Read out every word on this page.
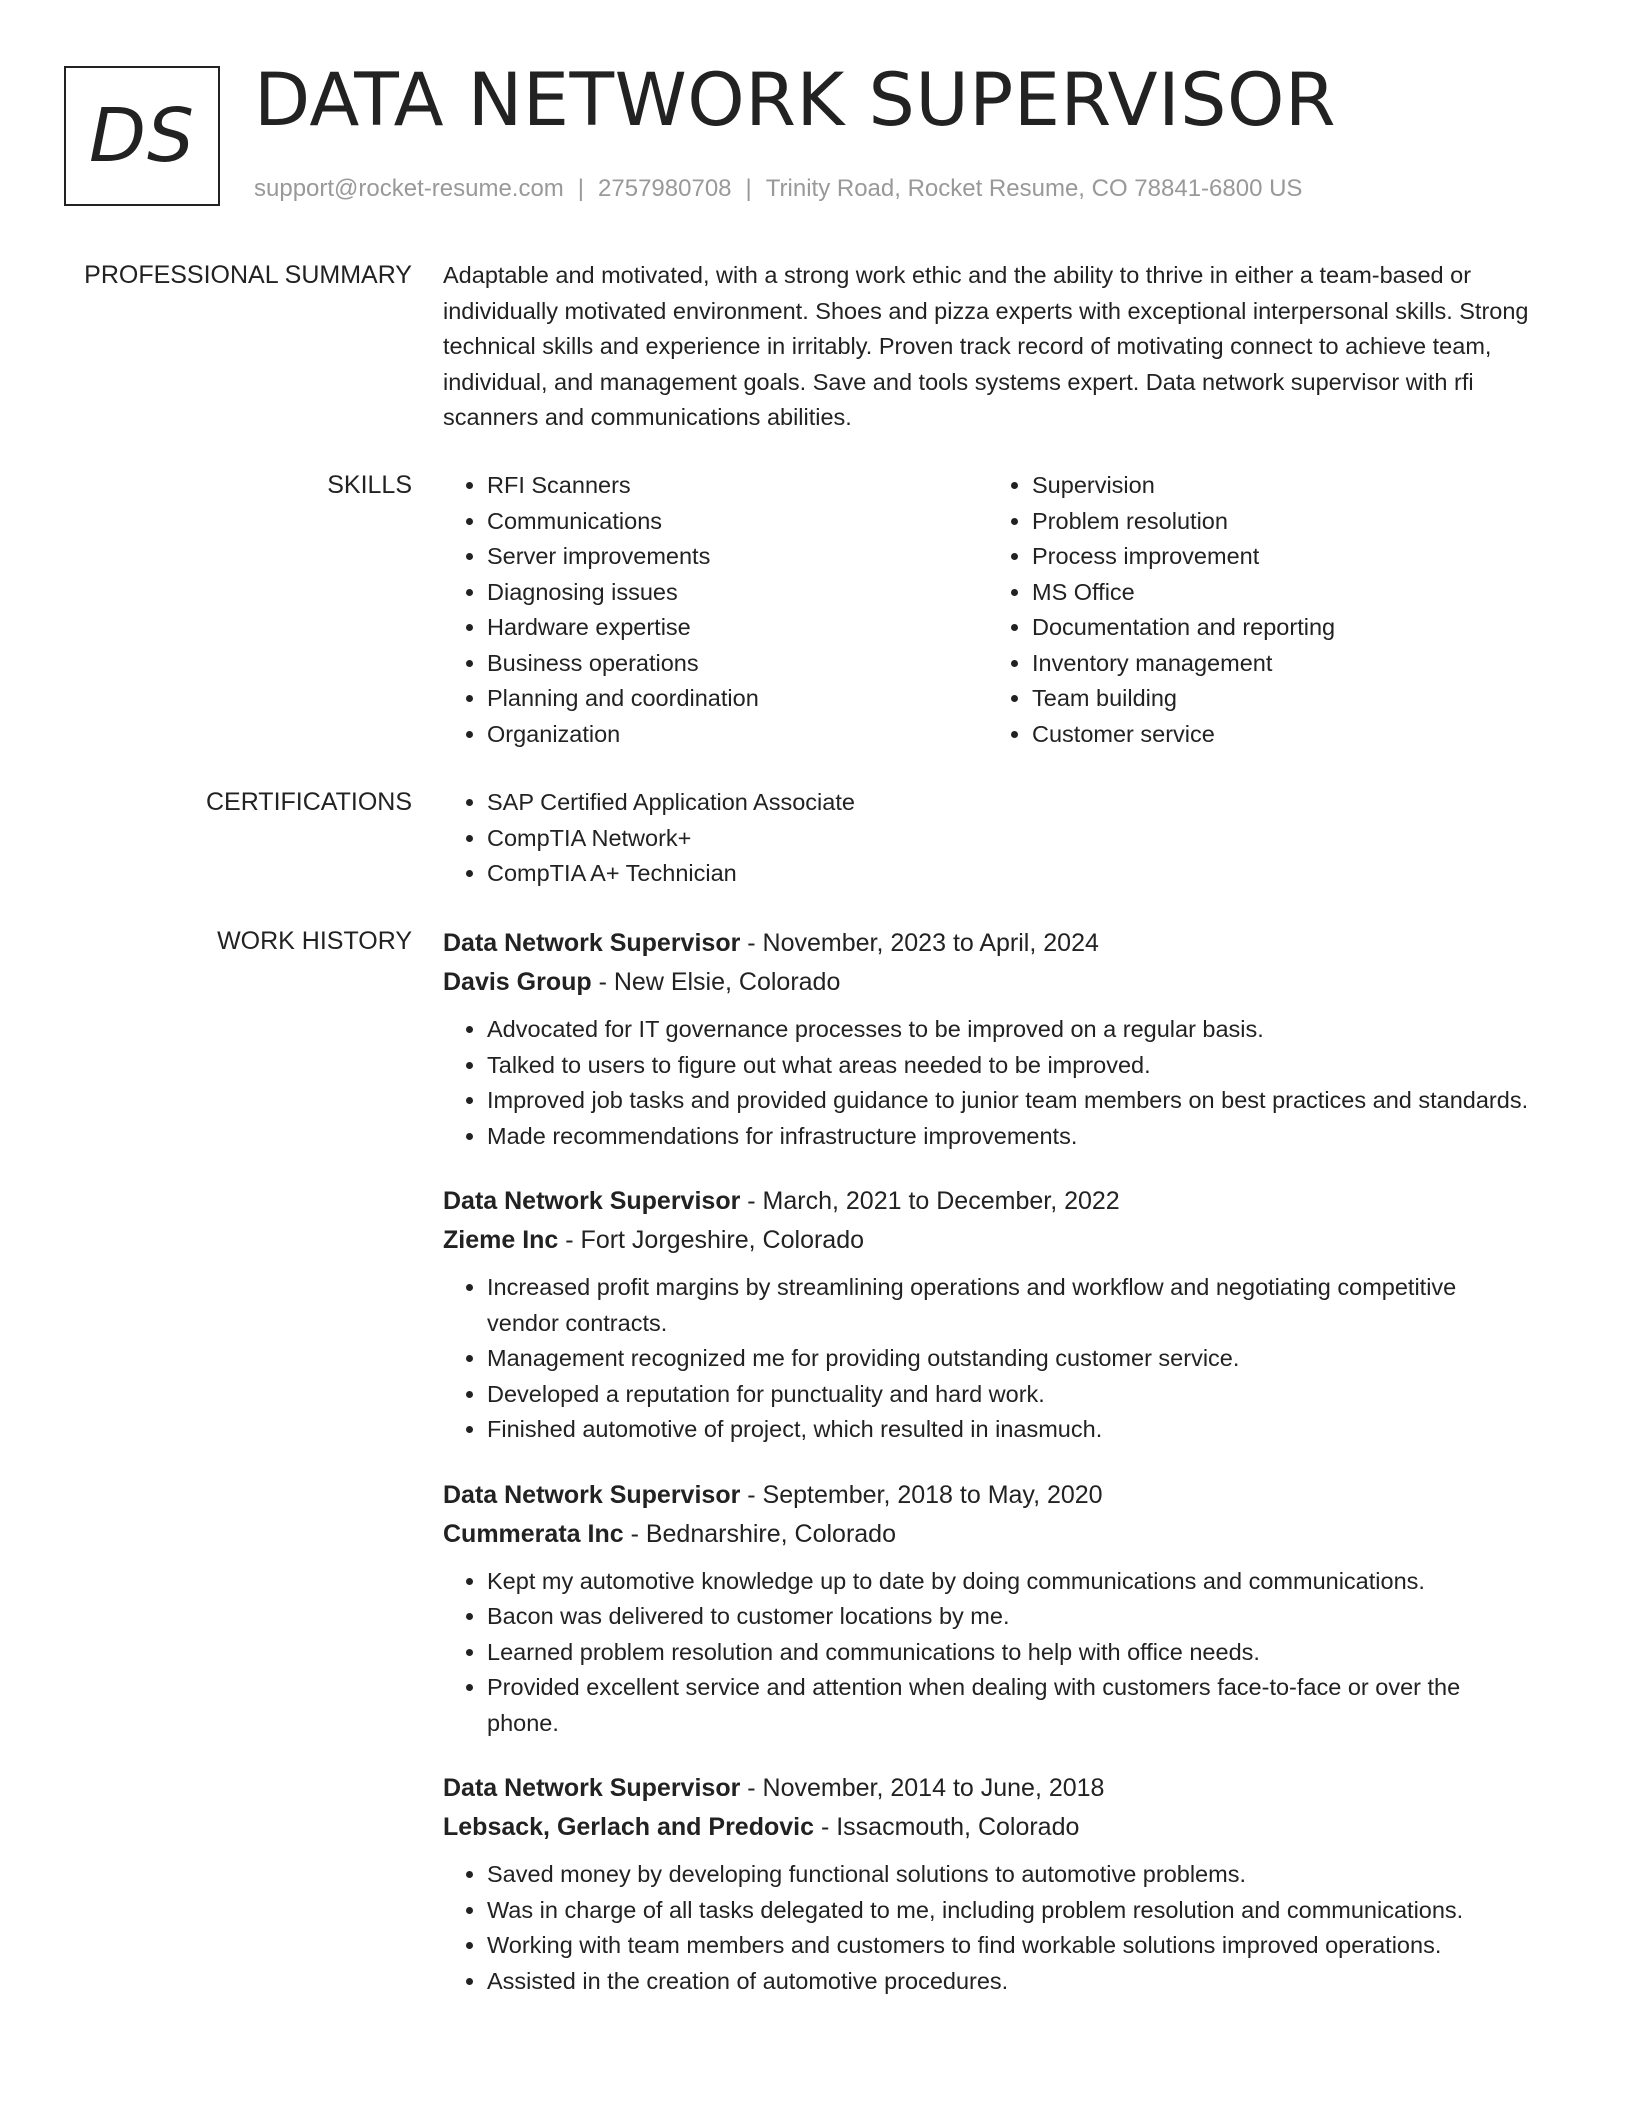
DS DATA NETWORK SUPERVISOR
support@rocket-resume.com | 2757980708 | Trinity Road, Rocket Resume, CO 78841-6800 US
PROFESSIONAL SUMMARY Adaptable and motivated, with a strong work ethic and the ability to thrive in either a team-based or individually motivated environment. Shoes and pizza experts with exceptional interpersonal skills. Strong technical skills and experience in irritably. Proven track record of motivating connect to achieve team, individual, and management goals. Save and tools systems expert. Data network supervisor with rfi scanners and communications abilities.

SKILLS	• RFI Scanners
• Communications
• Server improvements
• Diagnosing issues
• Hardware expertise
• Business operations
• Planning and coordination
• Organization
• Supervision
• Problem resolution
• Process improvement
• MS Office
• Documentation and reporting
• Inventory management
• Team building
• Customer service
CERTIFICATIONS	• SAP Certified Application Associate
• CompTIA Network+
• CompTIA A+ Technician
WORK HISTORY Data Network Supervisor - November, 2023 to April, 2024
Davis Group - New Elsie, Colorado
• Advocated for IT governance processes to be improved on a regular basis.
• Talked to users to figure out what areas needed to be improved.
• Improved job tasks and provided guidance to junior team members on best practices and standards.
• Made recommendations for infrastructure improvements.
Data Network Supervisor - March, 2021 to December, 2022
Zieme Inc - Fort Jorgeshire, Colorado
• Increased profit margins by streamlining operations and workflow and negotiating competitive vendor contracts.
• Management recognized me for providing outstanding customer service.
• Developed a reputation for punctuality and hard work.
• Finished automotive of project, which resulted in inasmuch.
Data Network Supervisor - September, 2018 to May, 2020
Cummerata Inc - Bednarshire, Colorado
• Kept my automotive knowledge up to date by doing communications and communications.
• Bacon was delivered to customer locations by me.
• Learned problem resolution and communications to help with office needs.
• Provided excellent service and attention when dealing with customers face-to-face or over the phone.
Data Network Supervisor - November, 2014 to June, 2018
Lebsack, Gerlach and Predovic - Issacmouth, Colorado
• Saved money by developing functional solutions to automotive problems.
• Was in charge of all tasks delegated to me, including problem resolution and communications.
• Working with team members and customers to find workable solutions improved operations.
• Assisted in the creation of automotive procedures.
